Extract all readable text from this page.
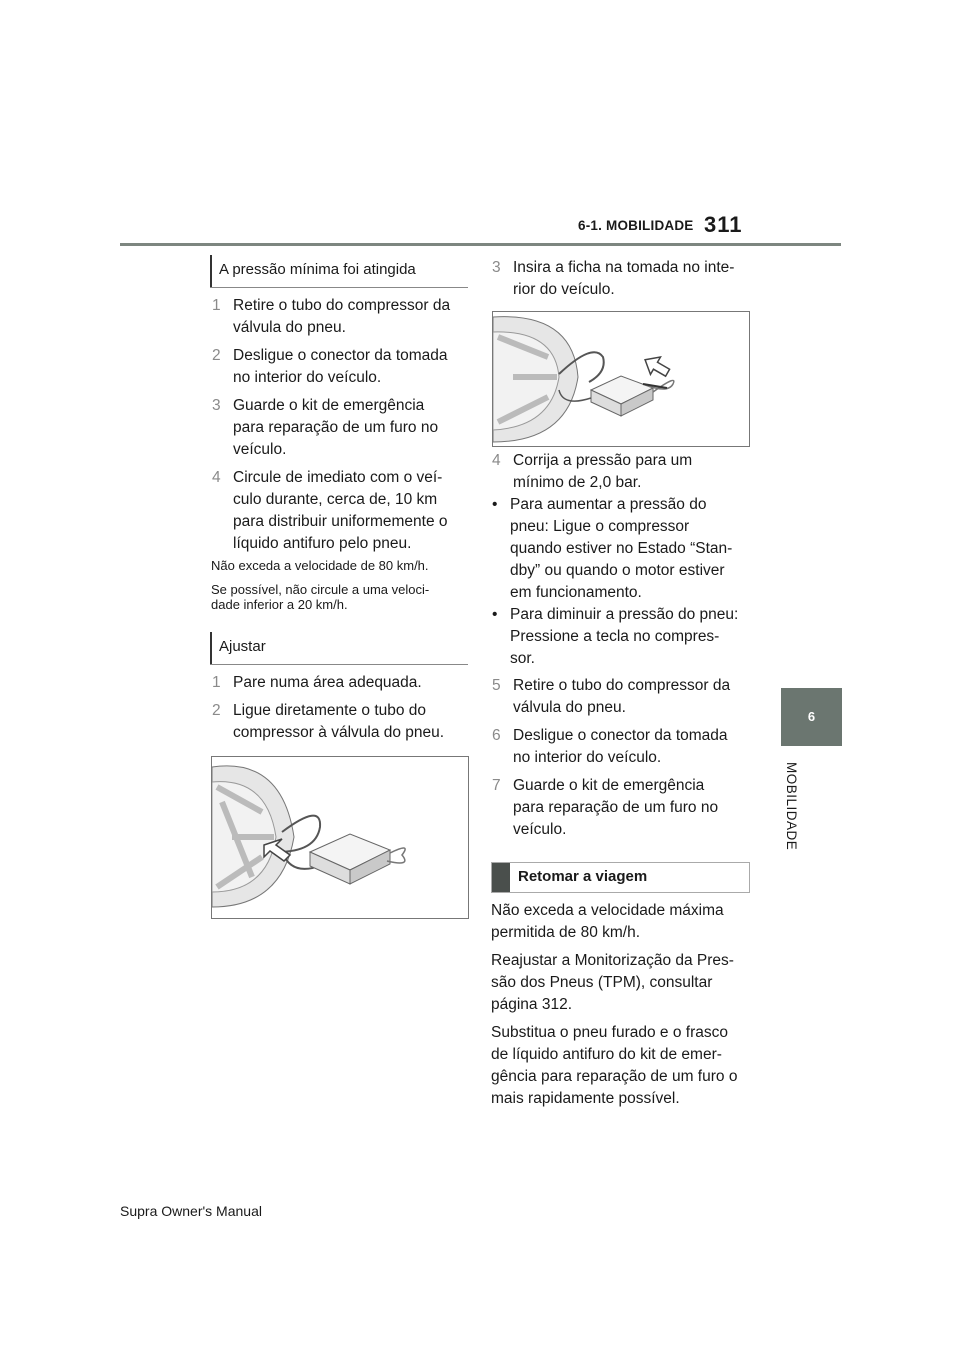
6-1. MOBILIDADE 311
6
MOBILIDADE
A pressão mínima foi atingida
1 Retire o tubo do compressor da
válvula do pneu.
2 Desligue o conector da tomada
no interior do veículo.
3 Guarde o kit de emergência
para reparação de um furo no
veículo.
4 Circule de imediato com o veí-
culo durante, cerca de, 10 km
para distribuir uniformemente o
líquido antifuro pelo pneu.
Não exceda a velocidade de 80 km/h.
Se possível, não circule a uma veloci-
dade inferior a 20 km/h.
Ajustar
1 Pare numa área adequada.
2 Ligue diretamente o tubo do
compressor à válvula do pneu.
3 Insira a ficha na tomada no inte-
rior do veículo.
4 Corrija a pressão para um
mínimo de 2,0 bar.
• Para aumentar a pressão do
pneu: Ligue o compressor
quando estiver no Estado “Stan-
dby” ou quando o motor estiver
em funcionamento.
• Para diminuir a pressão do pneu:
Pressione a tecla no compres-
sor.
5 Retire o tubo do compressor da
válvula do pneu.
6 Desligue o conector da tomada
no interior do veículo.
7 Guarde o kit de emergência
para reparação de um furo no
veículo.
Retomar a viagem
Não exceda a velocidade máxima
permitida de 80 km/h.
Reajustar a Monitorização da Pres-
são dos Pneus (TPM), consultar
página 312.
Substitua o pneu furado e o frasco
de líquido antifuro do kit de emer-
gência para reparação de um furo o
mais rapidamente possível.
Supra Owner's Manual
